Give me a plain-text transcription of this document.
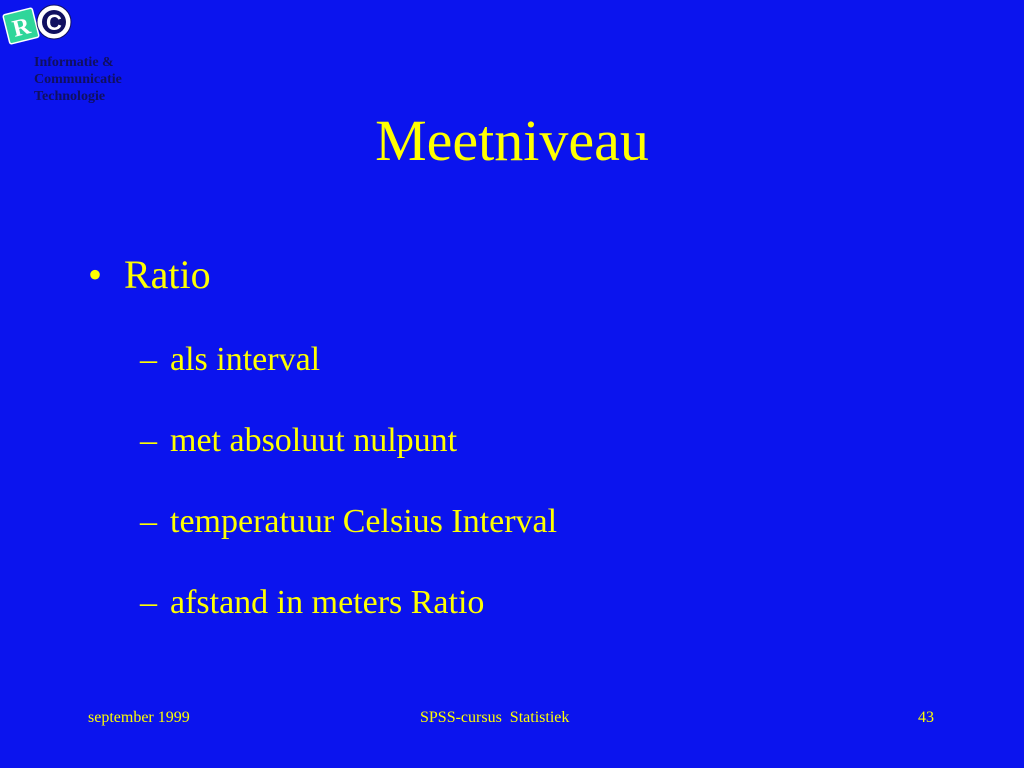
R C
Informatie &
Communicatie
Technologie
Meetniveau
• Ratio
– als interval
– met absoluut nulpunt
– temperatuur Celsius Interval
– afstand in meters Ratio
september 1999	SPSS-cursus  Statistiek	43
